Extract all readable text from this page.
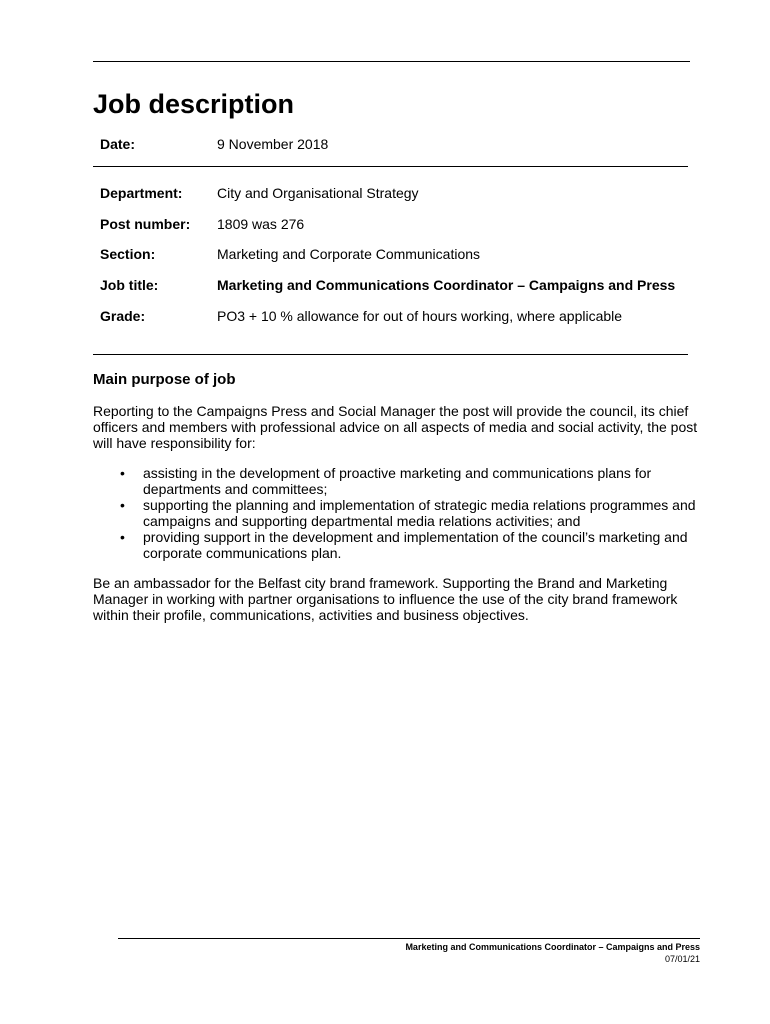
Job description
Date:	9 November 2018
Department: City and Organisational Strategy
Post number: 1809 was 276
Section:	Marketing and Corporate Communications
Job title:	Marketing and Communications Coordinator – Campaigns and Press
Grade:	PO3 + 10 % allowance for out of hours working, where applicable
Main purpose of job

Reporting to the Campaigns Press and Social Manager the post will provide the council, its chief officers and members with professional advice on all aspects of media and social activity, the post will have responsibility for:

• assisting in the development of proactive marketing and communications plans for departments and committees;
• supporting the planning and implementation of strategic media relations programmes and campaigns and supporting departmental media relations activities; and
• providing support in the development and implementation of the council’s marketing and corporate communications plan.

Be an ambassador for the Belfast city brand framework. Supporting the Brand and Marketing Manager in working with partner organisations to influence the use of the city brand framework within their profile, communications, activities and business objectives.

Marketing and Communications Coordinator – Campaigns and Press
07/01/21
